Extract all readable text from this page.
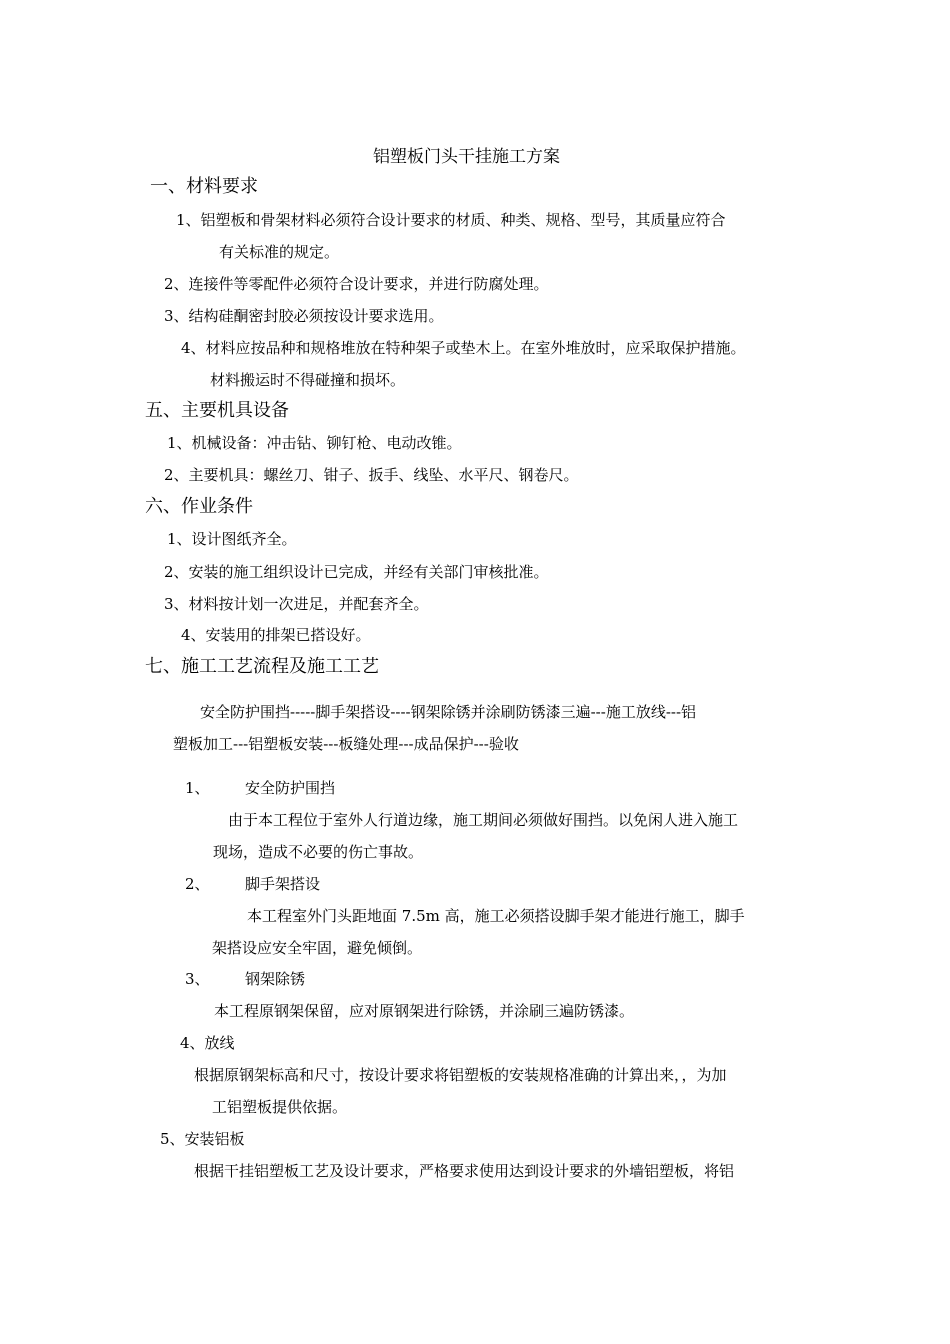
铝塑板门头干挂施工方案
一、材料要求
1、铝塑板和骨架材料必须符合设计要求的材质、种类、规格、型号，其质量应符合
有关标准的规定。
2、连接件等零配件必须符合设计要求，并进行防腐处理。
3、结构硅酮密封胶必须按设计要求选用。
4、材料应按品种和规格堆放在特种架子或垫木上。在室外堆放时，应采取保护措施。
材料搬运时不得碰撞和损坏。
五、主要机具设备
1、机械设备：冲击钻、铆钉枪、电动改锥。
2、主要机具：螺丝刀、钳子、扳手、线坠、水平尺、钢卷尺。
六、作业条件
1、设计图纸齐全。
2、安装的施工组织设计已完成，并经有关部门审核批准。
3、材料按计划一次进足，并配套齐全。
4、安装用的排架已搭设好。
七、施工工艺流程及施工工艺
安全防护围挡-----脚手架搭设----钢架除锈并涂刷防锈漆三遍---施工放线---铝
塑板加工---铝塑板安装---板缝处理---成品保护---验收
1、 安全防护围挡
由于本工程位于室外人行道边缘，施工期间必须做好围挡。以免闲人进入施工
现场，造成不必要的伤亡事故。
2、 脚手架搭设
本工程室外门头距地面 7.5m 高，施工必须搭设脚手架才能进行施工，脚手
架搭设应安全牢固，避免倾倒。
3、 钢架除锈
本工程原钢架保留，应对原钢架进行除锈，并涂刷三遍防锈漆。
4、放线
根据原钢架标高和尺寸，按设计要求将铝塑板的安装规格准确的计算出来，，为加
工铝塑板提供依据。
5、安装铝板
根据干挂铝塑板工艺及设计要求，严格要求使用达到设计要求的外墙铝塑板，将铝
